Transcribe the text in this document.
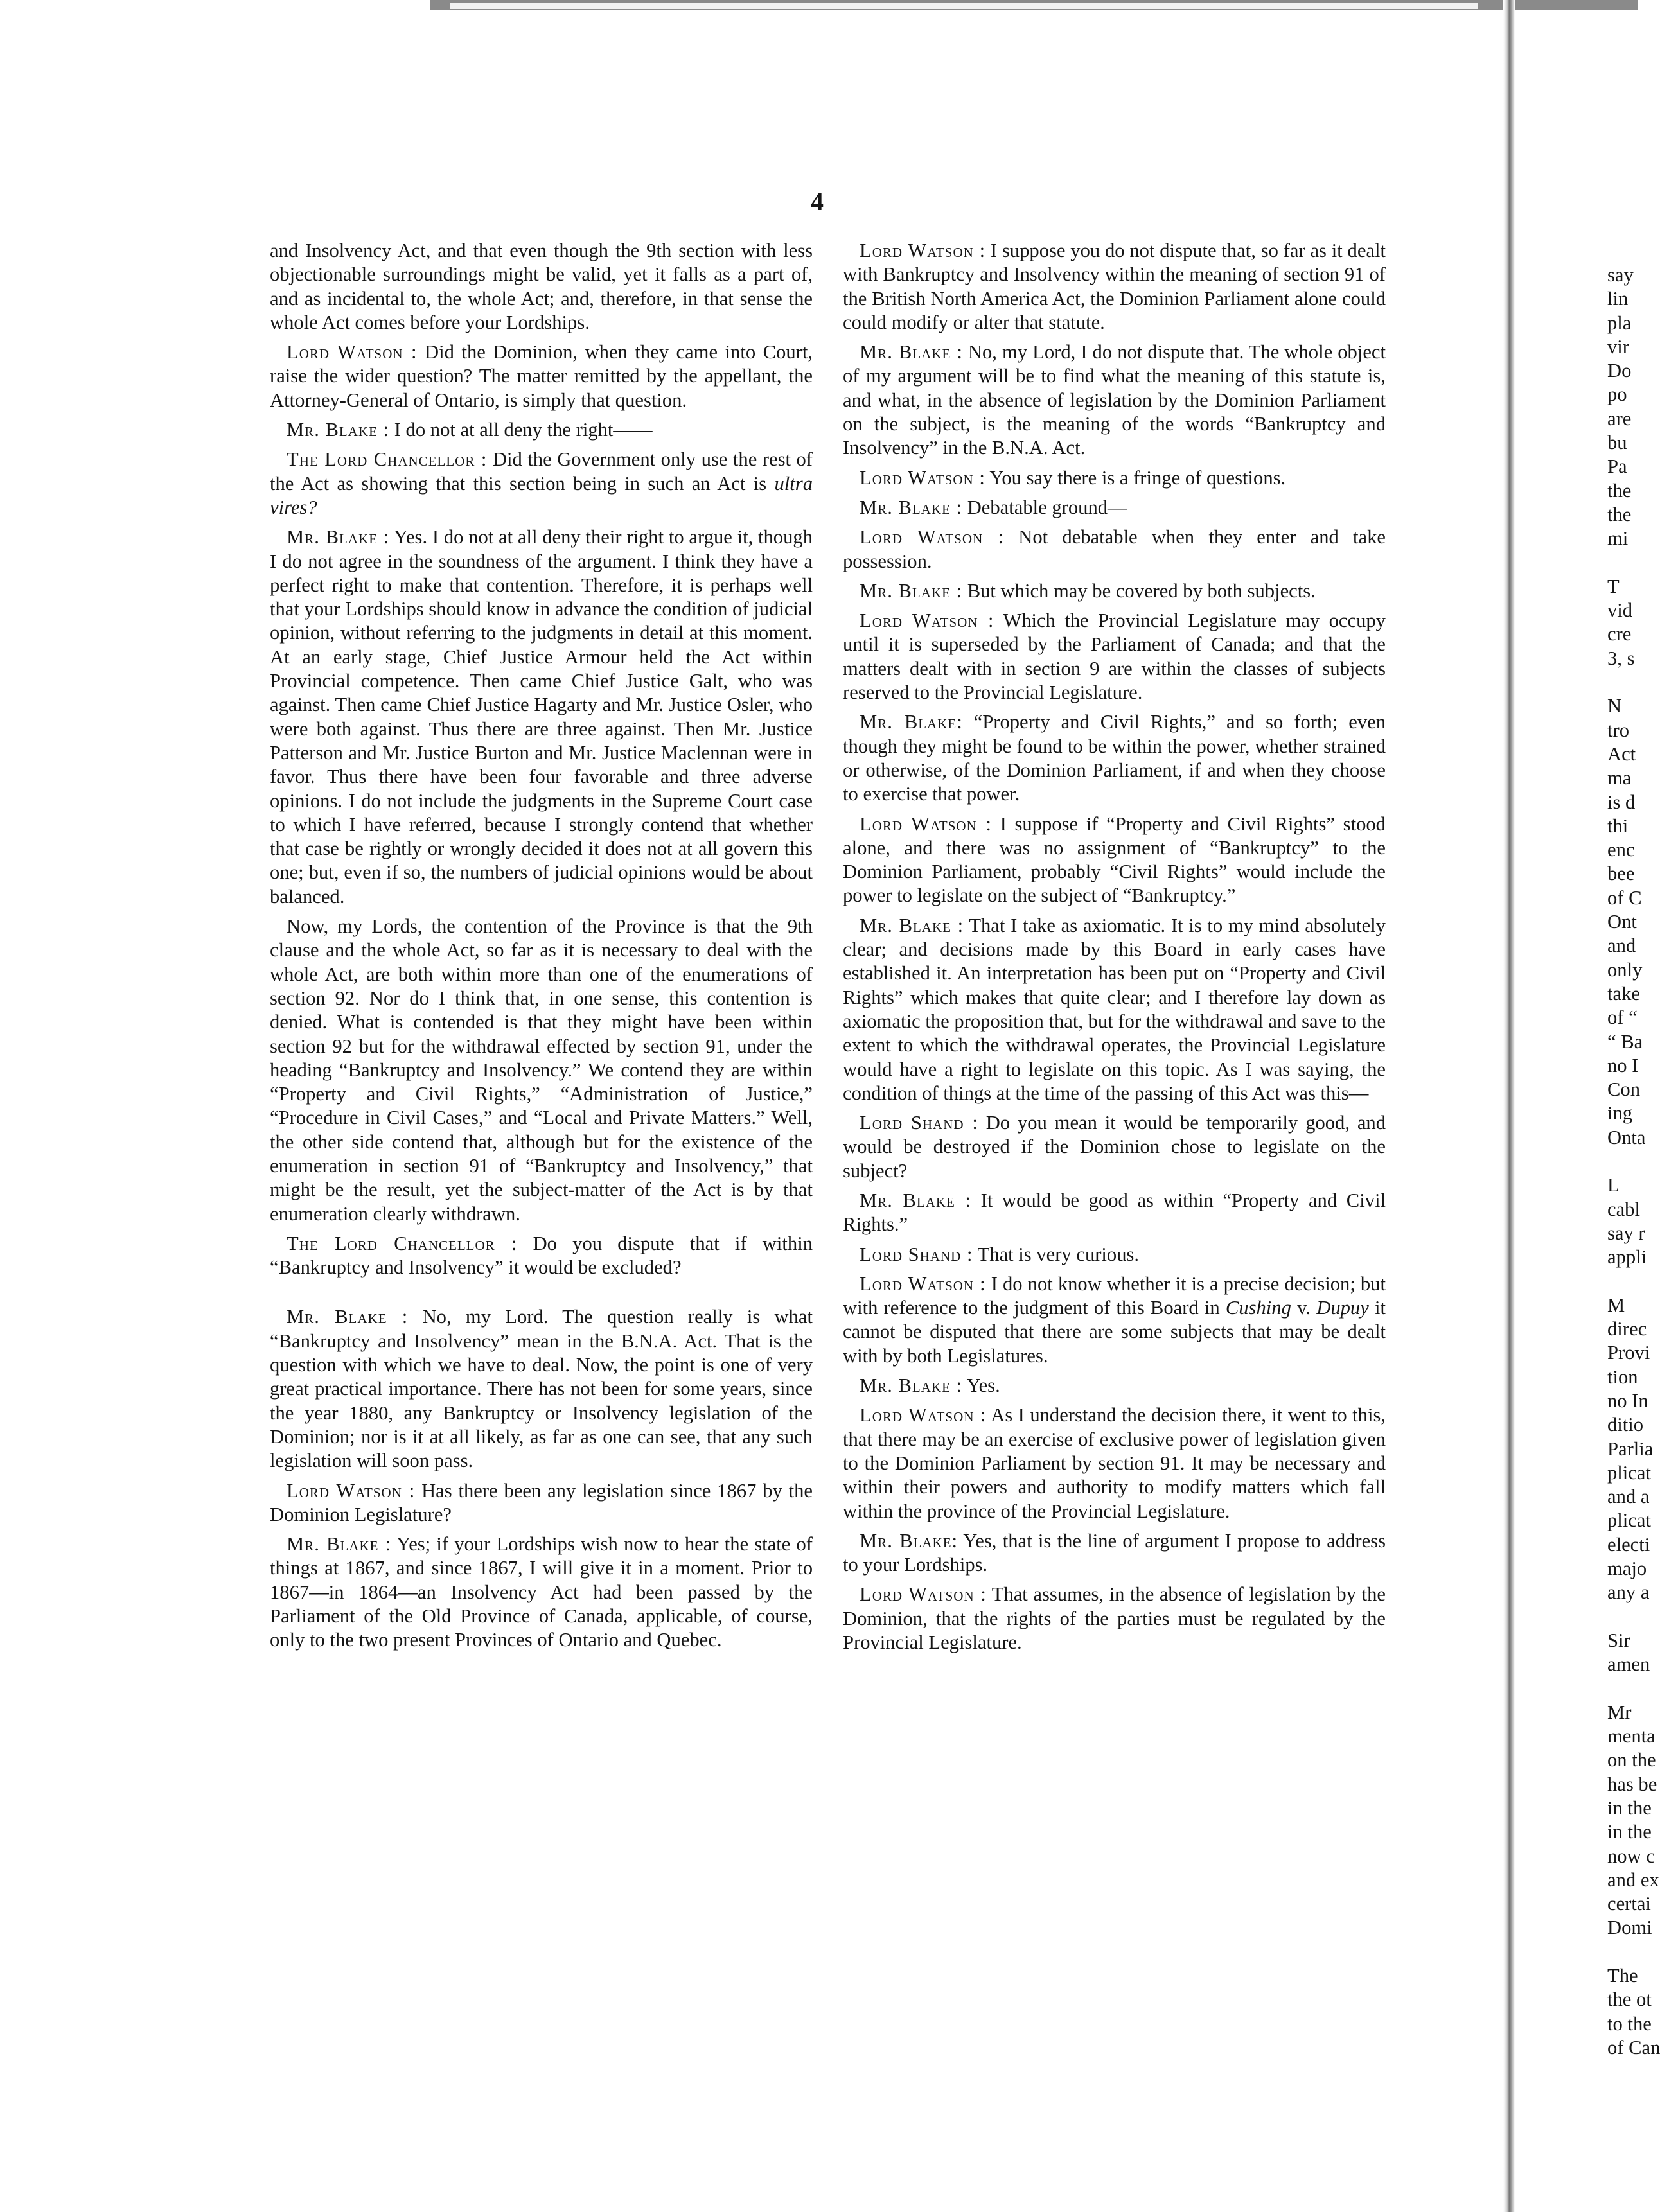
4

and Insolvency Act, and that even though the 9th section with less objectionable surroundings might be valid, yet it falls as a part of, and as incidental to, the whole Act; and, therefore, in that sense the whole Act comes before your Lordships.

Lord Watson : Did the Dominion, when they came into Court, raise the wider question? The matter remitted by the appellant, the Attorney-General of Ontario, is simply that question.

Mr. Blake : I do not at all deny the right——

The Lord Chancellor : Did the Government only use the rest of the Act as showing that this section being in such an Act is ultra vires?

Mr. Blake : Yes. I do not at all deny their right to argue it, though I do not agree in the soundness of the argument. I think they have a perfect right to make that contention. Therefore, it is perhaps well that your Lordships should know in advance the condition of judicial opinion, without referring to the judgments in detail at this moment. At an early stage, Chief Justice Armour held the Act within Provincial competence. Then came Chief Justice Galt, who was against. Then came Chief Justice Hagarty and Mr. Justice Osler, who were both against. Thus there are three against. Then Mr. Justice Patterson and Mr. Justice Burton and Mr. Justice Maclennan were in favor. Thus there have been four favorable and three adverse opinions. I do not include the judgments in the Supreme Court case to which I have referred, because I strongly contend that whether that case be rightly or wrongly decided it does not at all govern this one; but, even if so, the numbers of judicial opinions would be about balanced.

Now, my Lords, the contention of the Province is that the 9th clause and the whole Act, so far as it is necessary to deal with the whole Act, are both within more than one of the enumerations of section 92. Nor do I think that, in one sense, this contention is denied. What is contended is that they might have been within section 92 but for the withdrawal effected by section 91, under the heading “Bankruptcy and Insolvency.” We contend they are within “Property and Civil Rights,” “Administration of Justice,” “Procedure in Civil Cases,” and “Local and Private Matters.” Well, the other side contend that, although but for the existence of the enumeration in section 91 of “Bankruptcy and Insolvency,” that might be the result, yet the subject-matter of the Act is by that enumeration clearly withdrawn.

The Lord Chancellor : Do you dispute that if within “Bankruptcy and Insolvency” it would be excluded?

Mr. Blake : No, my Lord. The question really is what “Bankruptcy and Insolvency” mean in the B.N.A. Act. That is the question with which we have to deal. Now, the point is one of very great practical importance. There has not been for some years, since the year 1880, any Bankruptcy or Insolvency legislation of the Dominion; nor is it at all likely, as far as one can see, that any such legislation will soon pass.

Lord Watson : Has there been any legislation since 1867 by the Dominion Legislature?

Mr. Blake : Yes; if your Lordships wish now to hear the state of things at 1867, and since 1867, I will give it in a moment. Prior to 1867—in 1864—an Insolvency Act had been passed by the Parliament of the Old Province of Canada, applicable, of course, only to the two present Provinces of Ontario and Quebec.

Lord Watson : I suppose you do not dispute that, so far as it dealt with Bankruptcy and Insolvency within the meaning of section 91 of the British North America Act, the Dominion Parliament alone could could modify or alter that statute.

Mr. Blake : No, my Lord, I do not dispute that. The whole object of my argument will be to find what the meaning of this statute is, and what, in the absence of legislation by the Dominion Parliament on the subject, is the meaning of the words “Bankruptcy and Insolvency” in the B.N.A. Act.

Lord Watson : You say there is a fringe of questions.

Mr. Blake : Debatable ground—

Lord Watson : Not debatable when they enter and take possession.

Mr. Blake : But which may be covered by both subjects.

Lord Watson : Which the Provincial Legislature may occupy until it is superseded by the Parliament of Canada; and that the matters dealt with in section 9 are within the classes of subjects reserved to the Provincial Legislature.

Mr. Blake: “Property and Civil Rights,” and so forth; even though they might be found to be within the power, whether strained or otherwise, of the Dominion Parliament, if and when they choose to exercise that power.

Lord Watson : I suppose if “Property and Civil Rights” stood alone, and there was no assignment of “Bankruptcy” to the Dominion Parliament, probably “Civil Rights” would include the power to legislate on the subject of “Bankruptcy.”

Mr. Blake : That I take as axiomatic. It is to my mind absolutely clear; and decisions made by this Board in early cases have established it. An interpretation has been put on “Property and Civil Rights” which makes that quite clear; and I therefore lay down as axiomatic the proposition that, but for the withdrawal and save to the extent to which the withdrawal operates, the Provincial Legislature would have a right to legislate on this topic. As I was saying, the condition of things at the time of the passing of this Act was this—

Lord Shand : Do you mean it would be temporarily good, and would be destroyed if the Dominion chose to legislate on the subject?

Mr. Blake : It would be good as within “Property and Civil Rights.”

Lord Shand : That is very curious.

Lord Watson : I do not know whether it is a precise decision; but with reference to the judgment of this Board in Cushing v. Dupuy it cannot be disputed that there are some subjects that may be dealt with by both Legislatures.

Mr. Blake : Yes.

Lord Watson : As I understand the decision there, it went to this, that there may be an exercise of exclusive power of legislation given to the Dominion Parliament by section 91. It may be necessary and within their powers and authority to modify matters which fall within the province of the Provincial Legislature.

Mr. Blake: Yes, that is the line of argument I propose to address to your Lordships.

Lord Watson : That assumes, in the absence of legislation by the Dominion, that the rights of the parties must be regulated by the Provincial Legislature.

say
lin
pla
vir
Do
po
are
bu
Pa
the
the
mi
T
vid
cre
3, s
N
tro
Act
ma
is d
thi
enc
bee
of C
Ont
and
only
take
of “
“ Ba
no I
Con
ing
Onta
L
cabl
say r
appli
M
direc
Provi
tion
no In
ditio
Parlia
plicat
and a
plicat
electi
majo
any a
Sir
amen
Mr
menta
on the
has be
in the
in the
now c
and ex
certai
Domi
The
the ot
to the
of Can
